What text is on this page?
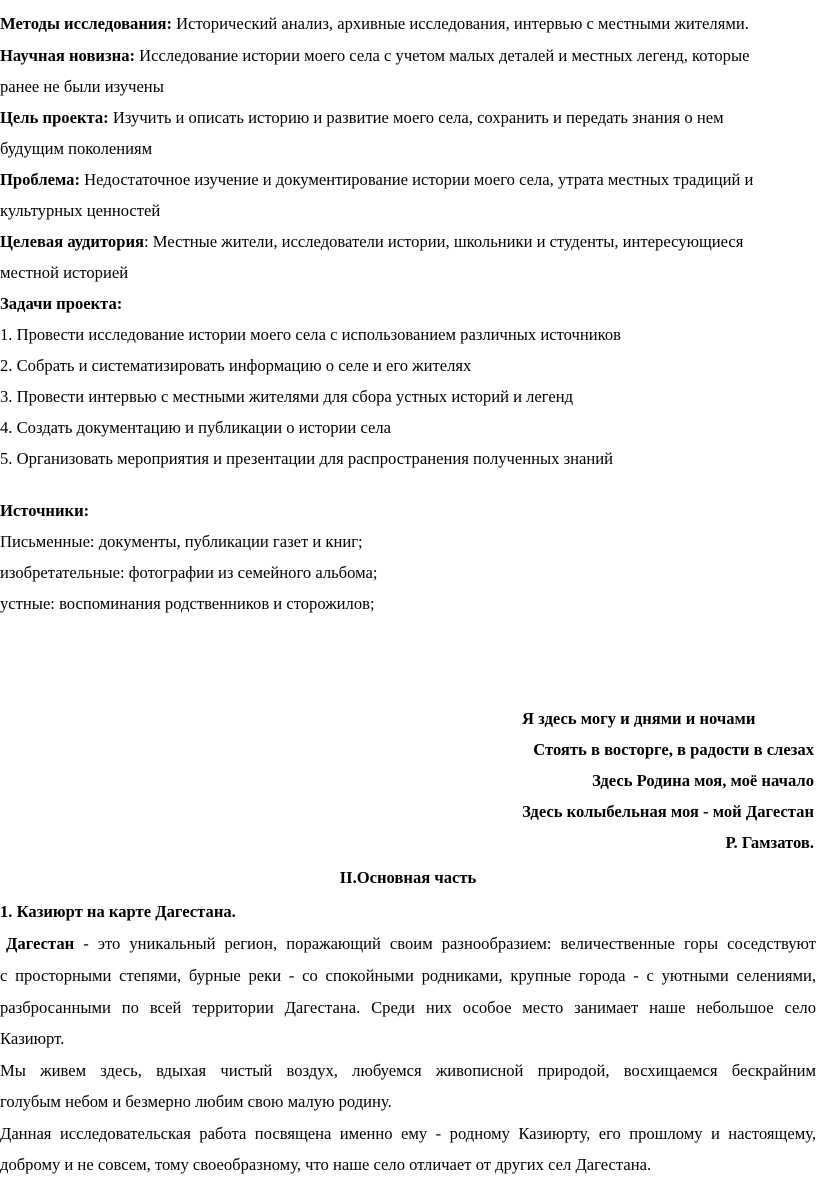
Методы исследования: Исторический анализ, архивные исследования, интервью с местными жителями.
Научная новизна: Исследование истории моего села с учетом малых деталей и местных легенд, которые
ранее не были изучены
Цель проекта: Изучить и описать историю и развитие моего села, сохранить и передать знания о нем
будущим поколениям
Проблема: Недостаточное изучение и документирование истории моего села, утрата местных традиций и
культурных ценностей
Целевая аудитория: Местные жители, исследователи истории, школьники и студенты, интересующиеся
местной историей
Задачи проекта:
1. Провести исследование истории моего села с использованием различных источников
2. Собрать и систематизировать информацию о селе и его жителях
3. Провести интервью с местными жителями для сбора устных историй и легенд
4. Создать документацию и публикации о истории села
5. Организовать мероприятия и презентации для распространения полученных знаний
Источники:
Письменные: документы, публикации газет и книг;
изобретательные: фотографии из семейного альбома;
устные: воспоминания родственников и сторожилов;
Я здесь могу и днями и ночами
Стоять в восторге, в радости в слезах
Здесь Родина моя, моё начало
Здесь колыбельная моя - мой Дагестан
Р. Гамзатов.
II.Основная часть
1. Казиюрт на карте Дагестана.
Дагестан - это уникальный регион, поражающий своим разнообразием: величественные горы соседствуют
с просторными степями, бурные реки - со спокойными родниками, крупные города - с уютными селениями,
разбросанными по всей территории Дагестана. Среди них особое место занимает наше небольшое село
Казиюрт.
Мы живем здесь, вдыхая чистый воздух, любуемся живописной природой, восхищаемся бескрайним
голубым небом и безмерно любим свою малую родину.
Данная исследовательская работа посвящена именно ему - родному Казиюрту, его прошлому и настоящему,
доброму и не совсем, тому своеобразному, что наше село отличает от других сел Дагестана.
